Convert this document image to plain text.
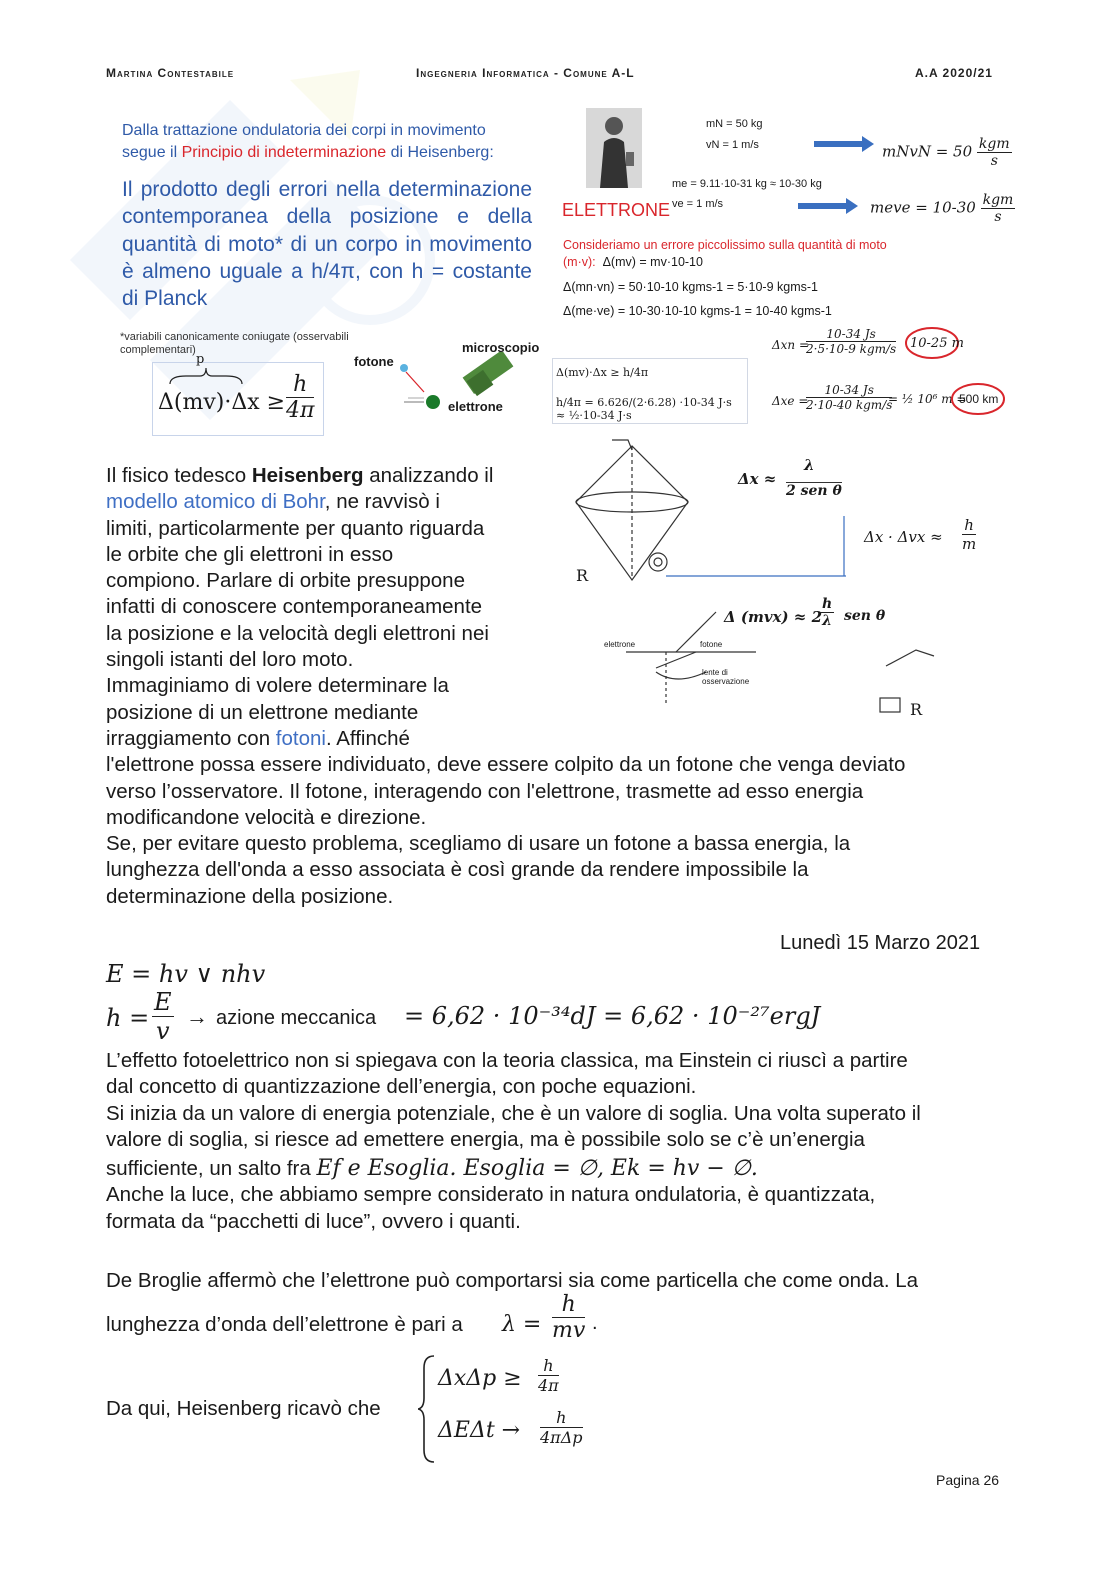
Martina Contestabile	Ingegneria Informatica - Comune A-L	A.A 2020/21
Dalla trattazione ondulatoria dei corpi in movimento
segue il Principio di indeterminazione di Heisenberg:
Il prodotto degli errori nella determinazione contemporanea della posizione e della quantità di moto* di un corpo in movimento è almeno uguale a h/4π, con h = costante di Planck
*variabili canonicamente coniugate (osservabili complementari)
p
$\Delta(mv)\cdot\Delta x \ge \frac{h}{4\pi}$
fotone
microscopio
elettrone
mN = 50 kg
vN = 1 m/s	mNvN = $50 \frac{\text{kgm}}{s}$
me = 9.11·10-31 kg ≈ 10-30 kg
ELETTRONE ve = 1 m/s	meve = $10-30 \frac{\text{kgm}}{s}$
Consideriamo un errore piccolissimo sulla quantità di moto
(m·v): Δ(mv) = mv·10-10
Δ(mn·vn) = 50·10-10 kgms-1 = 5·10-9 kgms-1
Δ(me·ve) = 10-30·10-10 kgms-1 = 10-40 kgms-1
Δ(mv)·Δx ≥ h/4π
h/4π = 6.626/(2·6.28) ·10-34 J·s ≈ ½·10-34 J·s
Δxn =
10-34 Js
2·5·10-9 kgm/s 10-25 m
Δxe =
10-34 Js
2·10-40 kgm/s
= ½ 10⁶ m =
500 km
Δx ≈
λ
2 sen θ
$\Delta x \cdot \Delta vx \approx \frac{h}{m}$
Δ (mvx) ≈ 2
$\frac{h}{\lambda}$ sen θ
elettrone	fotone
lente di osservazione
R
R
Il fisico tedesco Heisenberg analizzando il
modello atomico di Bohr, ne ravvisò i
limiti, particolarmente per quanto riguarda
le orbite che gli elettroni in esso
compiono. Parlare di orbite presuppone
infatti di conoscere contemporaneamente
la posizione e la velocità degli elettroni nei
singoli istanti del loro moto.
Immaginiamo di volere determinare la
posizione di un elettrone mediante
irraggiamento con fotoni. Affinché
l'elettrone possa essere individuato, deve essere colpito da un fotone che venga deviato
verso l’osservatore. Il fotone, interagendo con l'elettrone, trasmette ad esso energia
modificandone velocità e direzione.
Se, per evitare questo problema, scegliamo di usare un fotone a bassa energia, la
lunghezza dell'onda a esso associata è così grande da rendere impossibile la
determinazione della posizione.
Lunedì 15 Marzo 2021
E = hv ∨ nhv
$h = \frac{E}{v}$ → azione meccanica = 6,62 · 10⁻³⁴dJ = 6,62 · 10⁻²⁷ergJ
L’effetto fotoelettrico non si spiegava con la teoria classica, ma Einstein ci riuscì a partire
dal concetto di quantizzazione dell’energia, con poche equazioni.
Si inizia da un valore di energia potenziale, che è un valore di soglia. Una volta superato il
valore di soglia, si riesce ad emettere energia, ma è possibile solo se c’è un’energia
sufficiente, un salto fra Ef e Esoglia. Esoglia = ∅, Ek = hv − ∅.
Anche la luce, che abbiamo sempre considerato in natura ondulatoria, è quantizzata,
formata da “pacchetti di luce”, ovvero i quanti.
De Broglie affermò che l’elettrone può comportarsi sia come particella che come onda. La
lunghezza d’onda dell’elettrone è pari a $\lambda = \frac{h}{mv}$ .
Da qui, Heisenberg ricavò che
$\Delta x\Delta p \ge \frac{h}{4\pi}$
ΔEΔt →
h
4πΔp
Pagina 26
